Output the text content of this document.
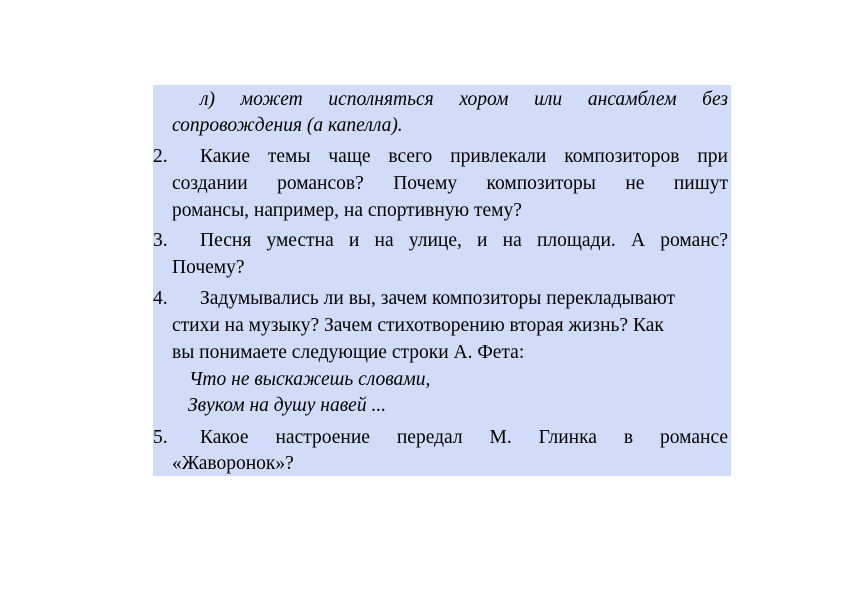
л) может исполняться хором или ансамблем без
сопровождения (а капелла).
2. Какие темы чаще всего привлекали композиторов при
создании романсов? Почему композиторы не пишут
романсы, например, на спортивную тему?
3. Песня уместна и на улице, и на площади. А романс?
Почему?
4. Задумывались ли вы, зачем композиторы перекладывают
стихи на музыку? Зачем стихотворению вторая жизнь? Как
вы понимаете следующие строки А. Фета:
Что не выскажешь словами,
Звуком на душу навей ...
5. Какое настроение передал М. Глинка в романсе
«Жаворонок»?
